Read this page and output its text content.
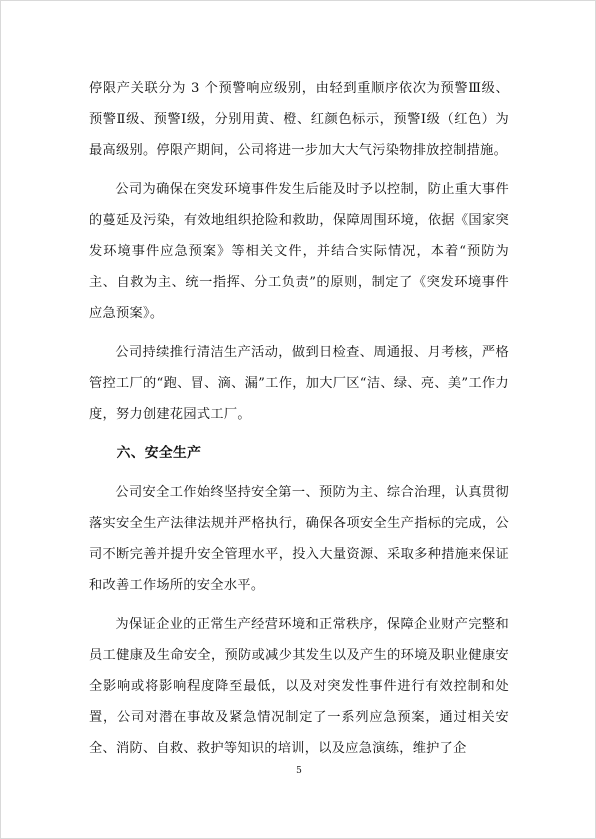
停限产关联分为 3 个预警响应级别，由轻到重顺序依次为预警Ⅲ级、预警Ⅱ级、预警Ⅰ级，分别用黄、橙、红颜色标示，预警Ⅰ级（红色）为最高级别。停限产期间，公司将进一步加大大气污染物排放控制措施。

公司为确保在突发环境事件发生后能及时予以控制，防止重大事件的蔓延及污染，有效地组织抢险和救助，保障周围环境，依据《国家突发环境事件应急预案》等相关文件，并结合实际情况，本着“预防为主、自救为主、统一指挥、分工负责”的原则，制定了《突发环境事件应急预案》。

公司持续推行清洁生产活动，做到日检查、周通报、月考核，严格管控工厂的“跑、冒、滴、漏”工作，加大厂区“洁、绿、亮、美”工作力度，努力创建花园式工厂。

六、安全生产

公司安全工作始终坚持安全第一、预防为主、综合治理，认真贯彻落实安全生产法律法规并严格执行，确保各项安全生产指标的完成，公司不断完善并提升安全管理水平，投入大量资源、采取多种措施来保证和改善工作场所的安全水平。

为保证企业的正常生产经营环境和正常秩序，保障企业财产完整和员工健康及生命安全，预防或减少其发生以及产生的环境及职业健康安全影响或将影响程度降至最低，以及对突发性事件进行有效控制和处置，公司对潜在事故及紧急情况制定了一系列应急预案，通过相关安全、消防、自救、救护等知识的培训，以及应急演练，维护了企

5
